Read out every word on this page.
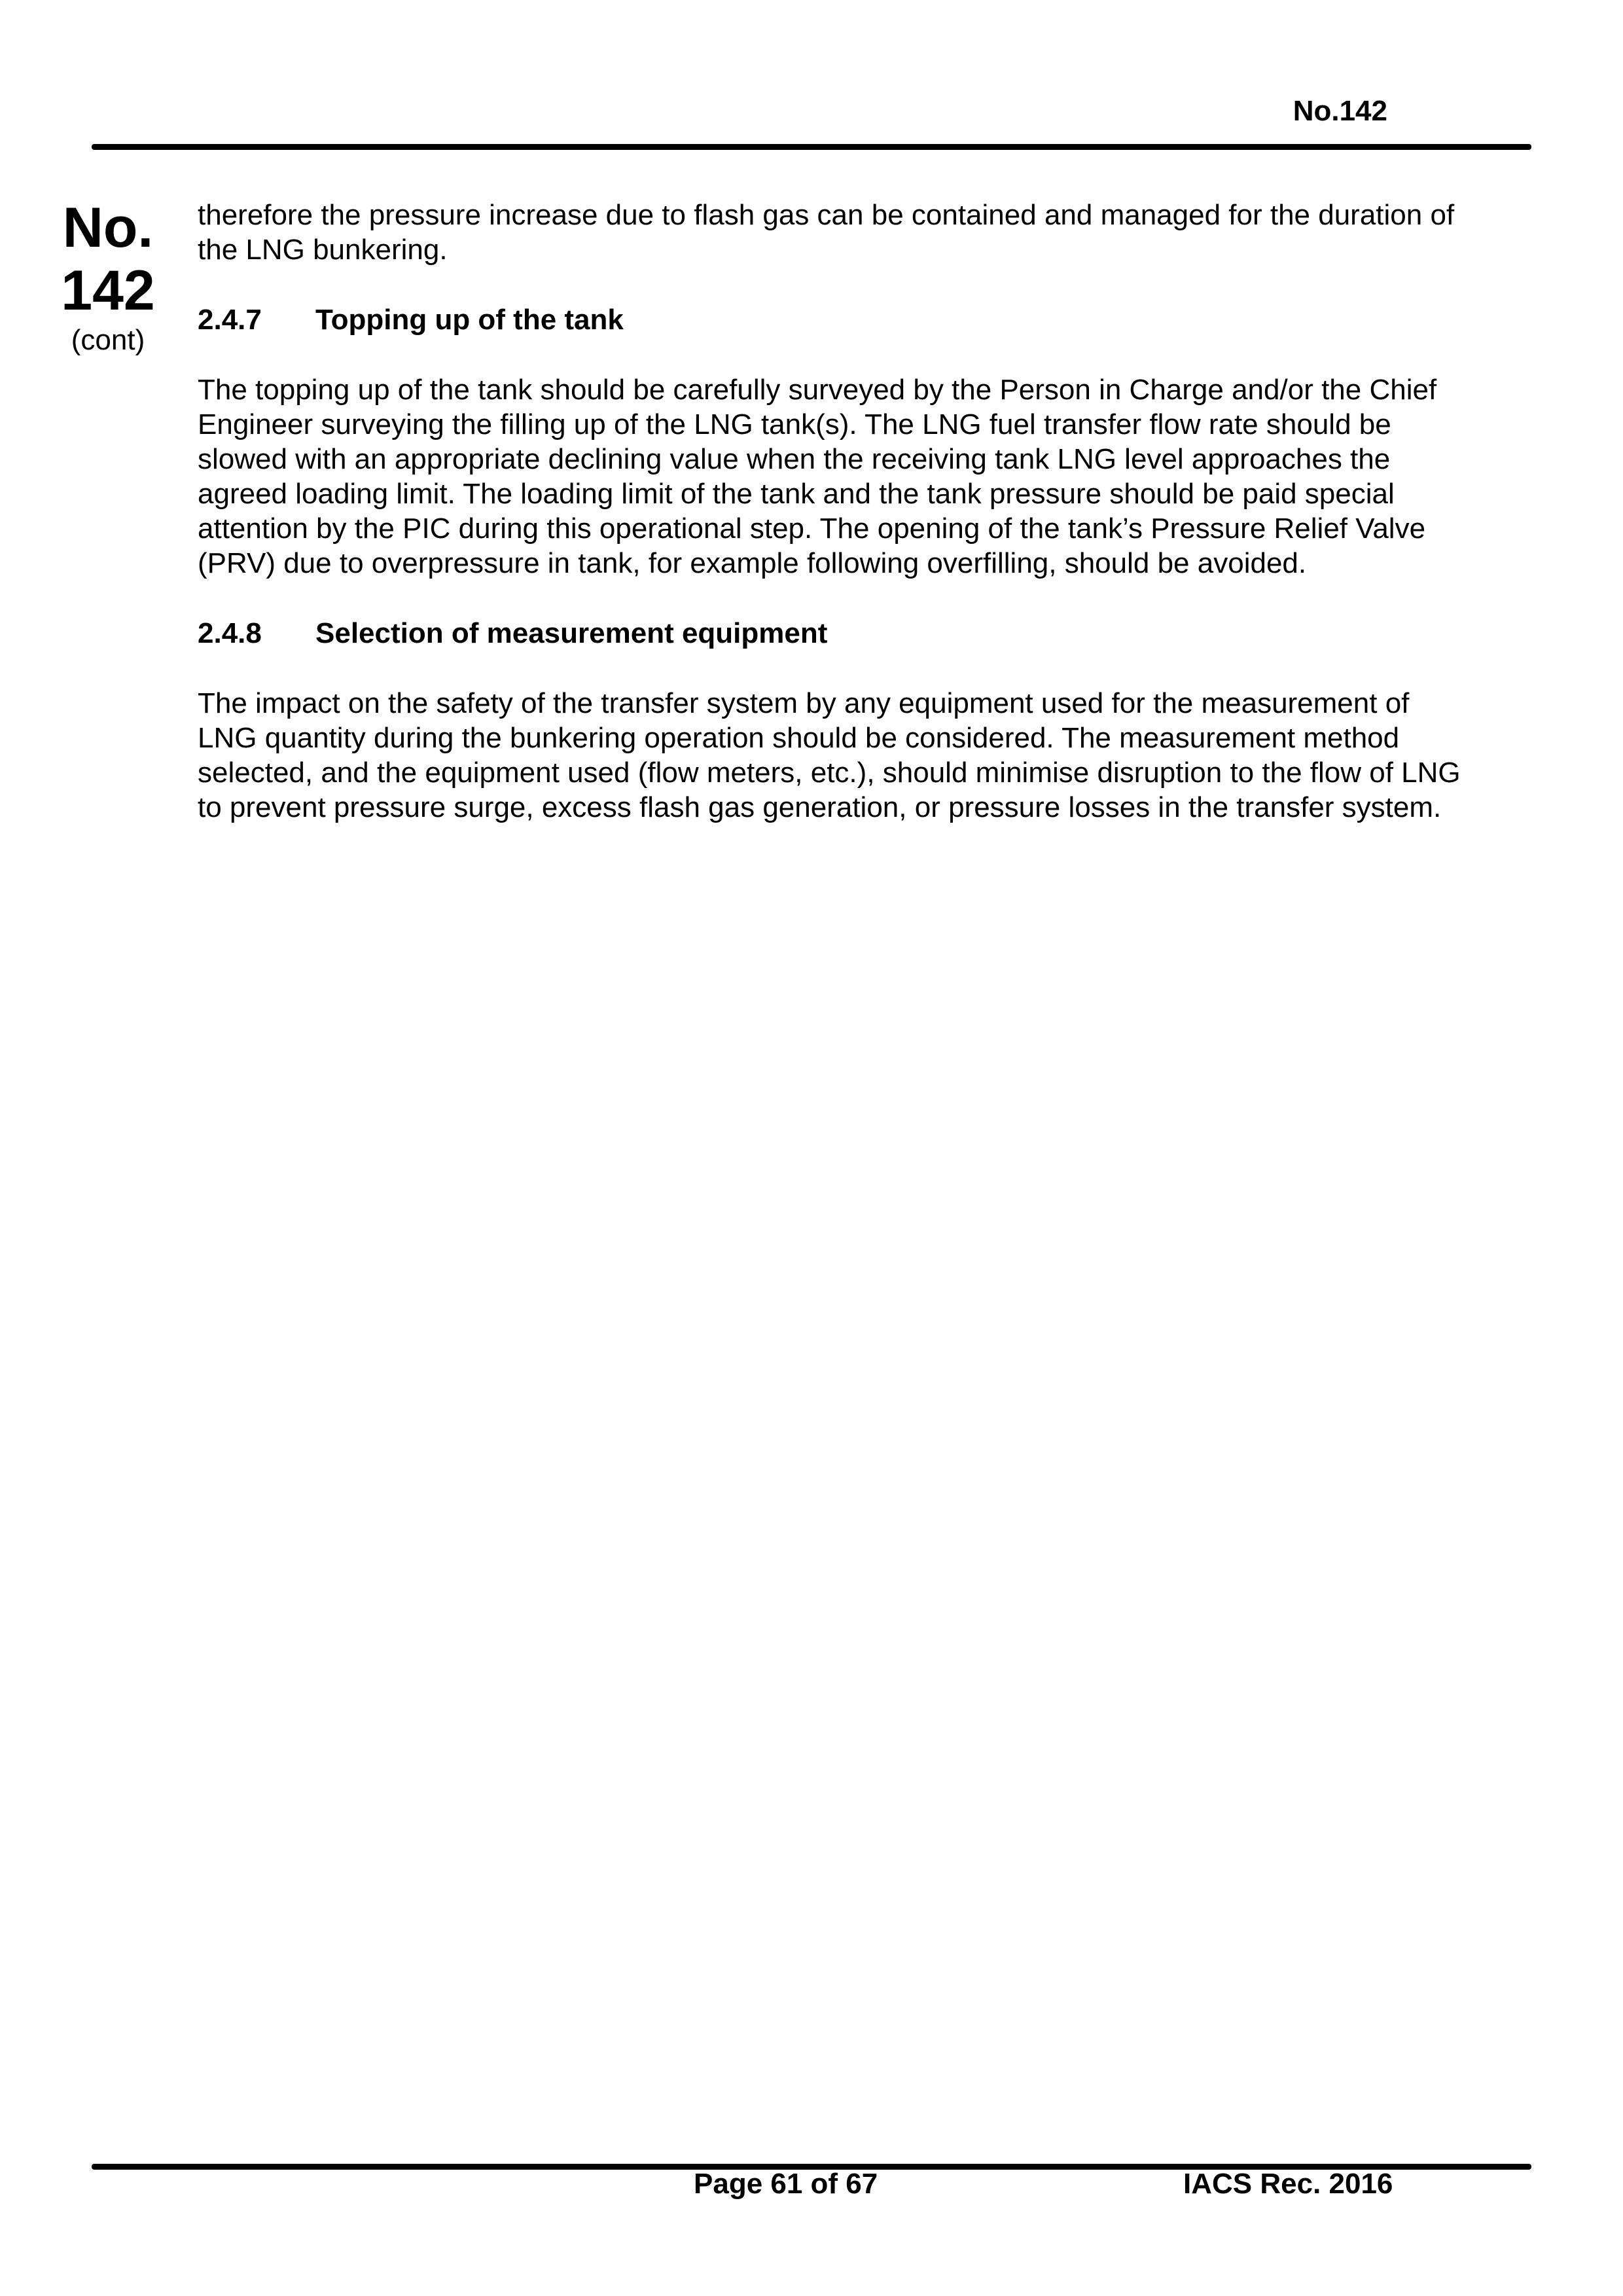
No.142
No.
142
(cont)

therefore the pressure increase due to flash gas can be contained and managed for the duration of the LNG bunkering.

2.4.7	Topping up of the tank

The topping up of the tank should be carefully surveyed by the Person in Charge and/or the Chief Engineer surveying the filling up of the LNG tank(s). The LNG fuel transfer flow rate should be slowed with an appropriate declining value when the receiving tank LNG level approaches the agreed loading limit. The loading limit of the tank and the tank pressure should be paid special attention by the PIC during this operational step. The opening of the tank’s Pressure Relief Valve (PRV) due to overpressure in tank, for example following overfilling, should be avoided.

2.4.8	Selection of measurement equipment

The impact on the safety of the transfer system by any equipment used for the measurement of LNG quantity during the bunkering operation should be considered. The measurement method selected, and the equipment used (flow meters, etc.), should minimise disruption to the flow of LNG to prevent pressure surge, excess flash gas generation, or pressure losses in the transfer system.

Page 61 of 67	IACS Rec. 2016
